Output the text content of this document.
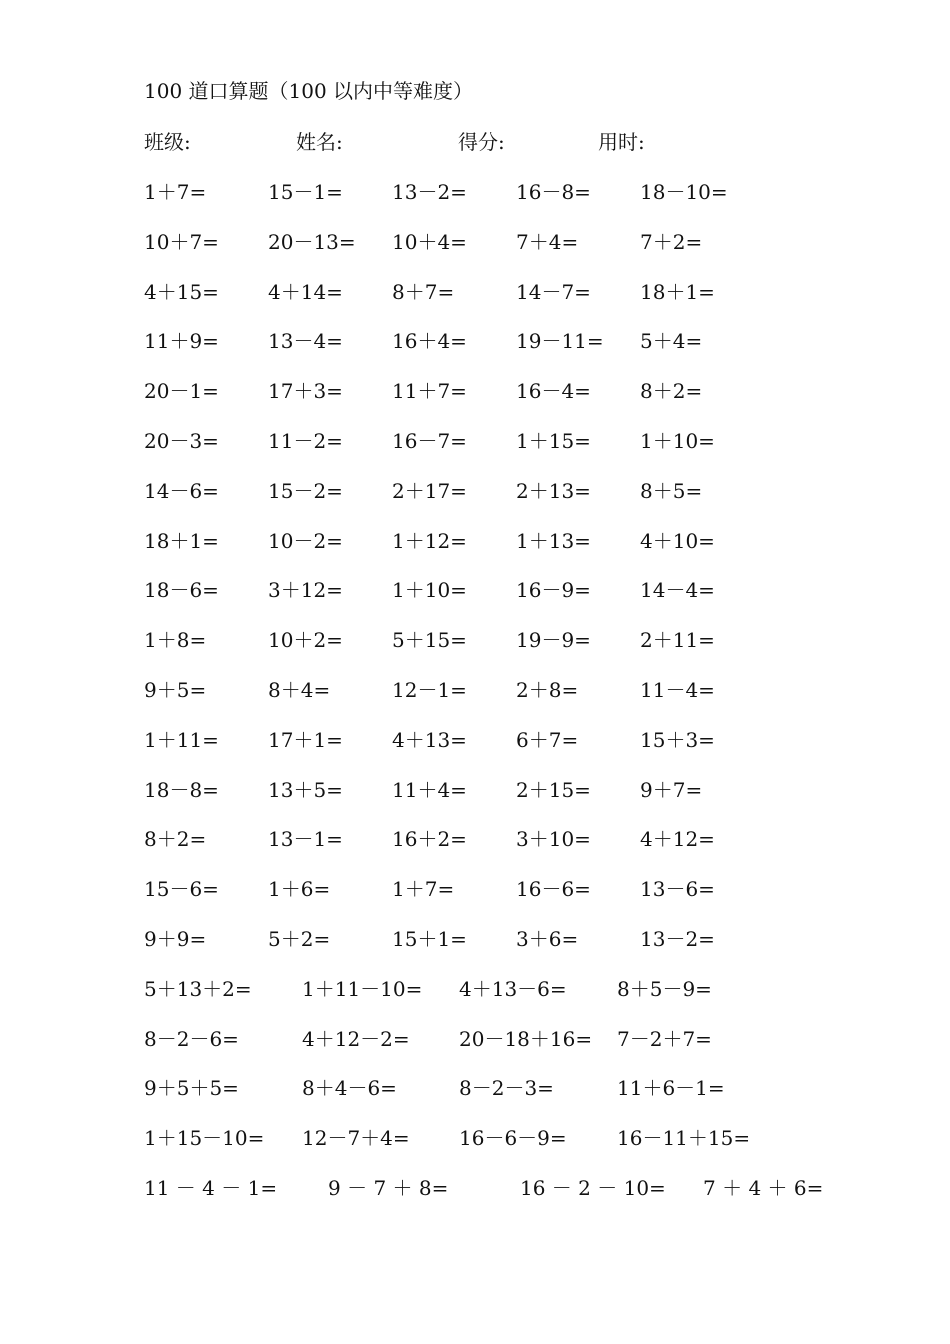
100 道口算题（100 以内中等难度）
班级:	姓名:	得分:	用时:
1＋7=	15－1= 13－2= 16－8= 18－10=
10＋7= 20－13= 10＋4= 7＋4=	7＋2=
4＋15= 4＋14= 8＋7=	14－7= 18＋1=
11＋9= 13－4= 16＋4= 19－11= 5＋4=
20－1= 17＋3= 11＋7= 16－4= 8＋2=
20－3= 11－2= 16－7= 1＋15= 1＋10=
14－6= 15－2= 2＋17= 2＋13= 8＋5=
18＋1= 10－2= 1＋12= 1＋13= 4＋10=
18－6= 3＋12= 1＋10= 16－9= 14－4=
1＋8=	10＋2= 5＋15= 19－9= 2＋11=
9＋5=	8＋4=	12－1= 2＋8=	11－4=
1＋11= 17＋1= 4＋13= 6＋7=	15＋3=
18－8= 13＋5= 11＋4= 2＋15= 9＋7=
8＋2=	13－1= 16＋2= 3＋10= 4＋12=
15－6= 1＋6=	1＋7=	16－6= 13－6=
9＋9=	5＋2=	15＋1= 3＋6=	13－2=
5＋13＋2=	1＋11－10= 4＋13－6=	8＋5－9=
8－2－6=	4＋12－2= 20－18＋16= 7－2＋7=
9＋5＋5=	8＋4－6=	8－2－3=	11＋6－1=
1＋15－10= 12－7＋4= 16－6－9=	16－11＋15=
11 － 4 － 1=	9 － 7 ＋ 8=	16 － 2 － 10= 7 ＋ 4 ＋ 6=
